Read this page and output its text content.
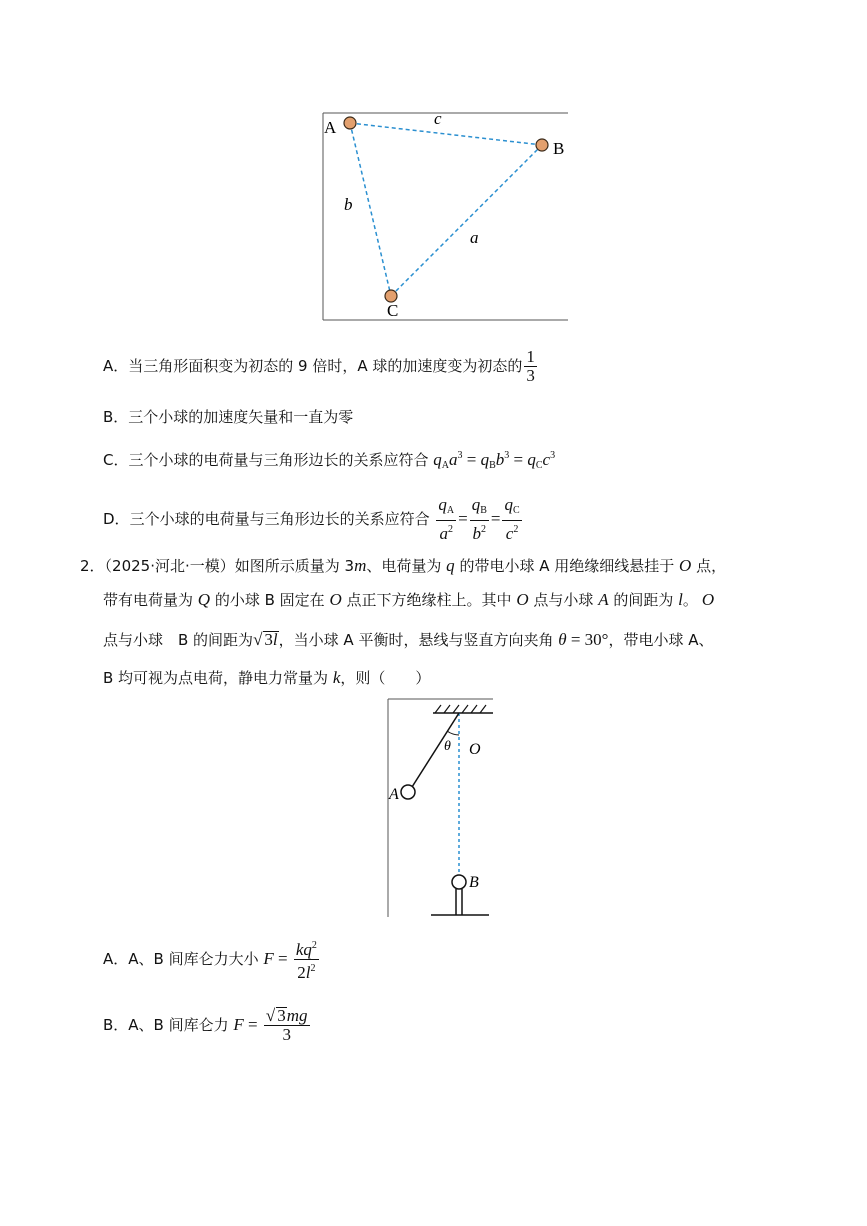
A
B
C
c
b
a
A．当三角形面积变为初态的 9 倍时，A 球的加速度变为初态的 $\frac{1}{3}$
B．三个小球的加速度矢量和一直为零
C．三个小球的电荷量与三角形边长的关系应符合 $q_Aa^3 = q_Bb^3 = q_Cc^3$
D．三个小球的电荷量与三角形边长的关系应符合 $\frac{q_A}{a^2} = \frac{q_B}{b^2} = \frac{q_C}{c^2}$
2．（2025·河北·一模）如图所示质量为 3m、电荷量为 q 的带电小球 A 用绝缘细线悬挂于 O 点，
带有电荷量为 Q 的小球 B 固定在 O 点正下方绝缘柱上。其中 O 点与小球 A 的间距为 l。 O
点与小球　B 的间距为√ 3l，当小球 A 平衡时，悬线与竖直方向夹角 θ = 30°，带电小球 A、
B 均可视为点电荷，静电力常量为 k，则（　　）
O
θ
A
B
A．A、B 间库仑力大小 $F = \frac{kq^2}{2l^2}$
B．A、B 间库仑力 $F = \frac{√ 3mg}{3}$
